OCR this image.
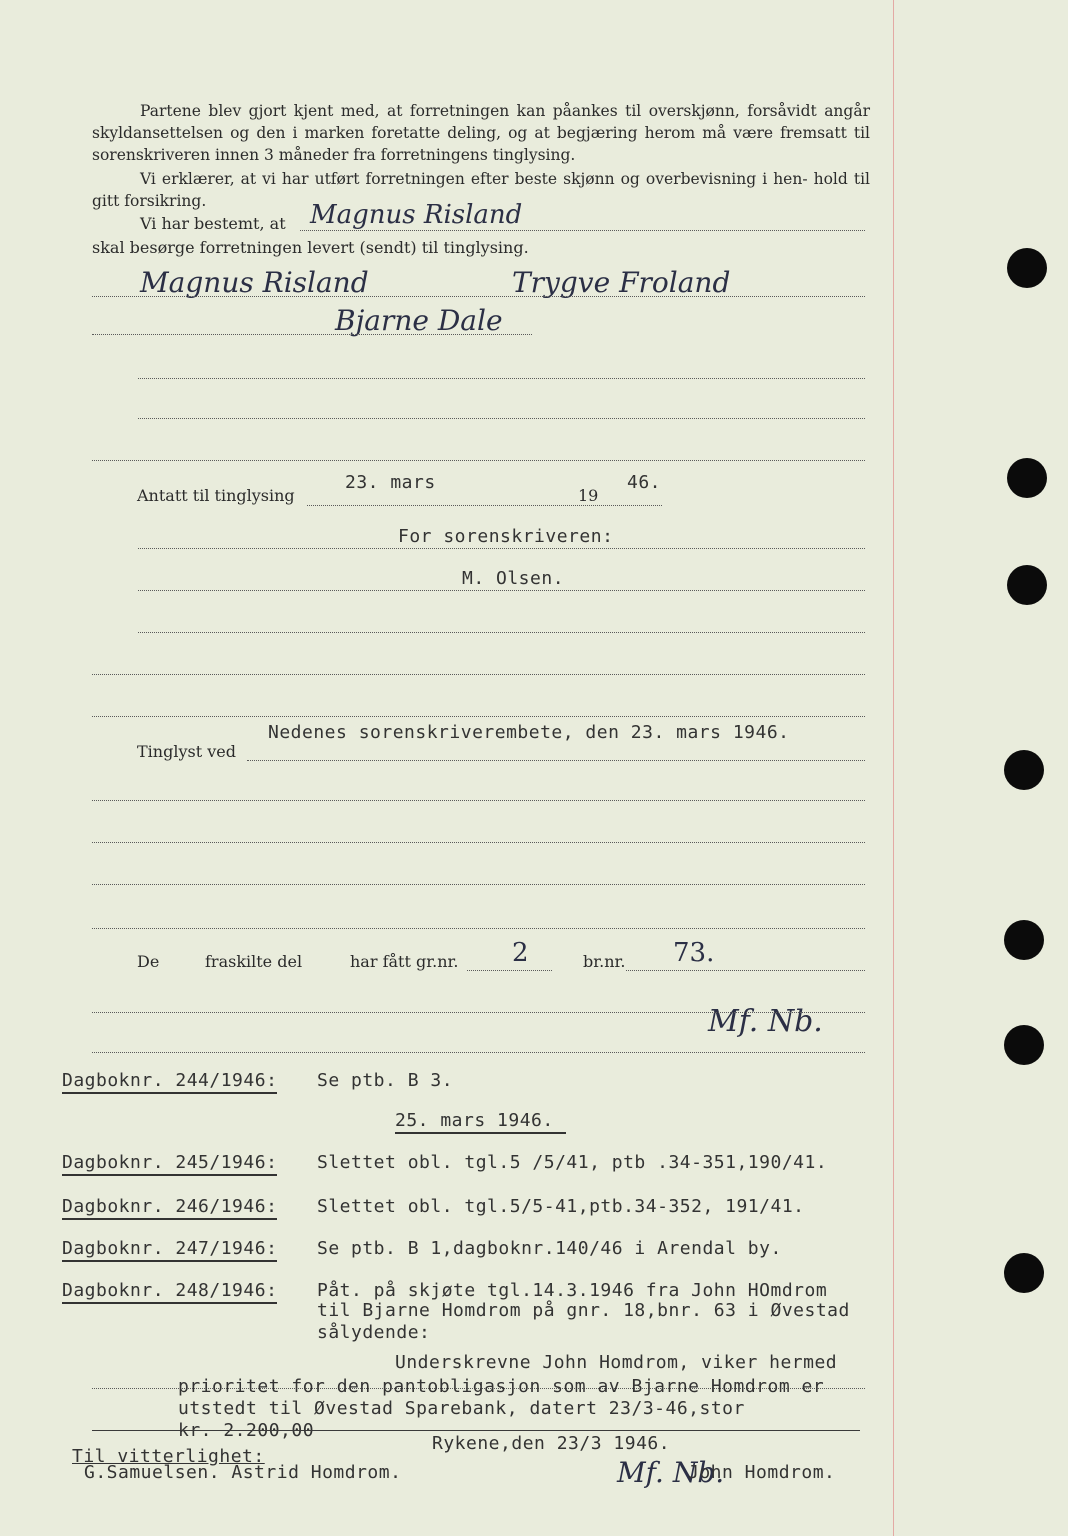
Partene blev gjort kjent med, at forretningen kan påankes til overskjønn, forsåvidt angår skyldansettelsen og den i marken foretatte deling, og at begjæring herom må være fremsatt til sorenskriveren innen 3 måneder fra forretningens tinglysing.
Vi erklærer, at vi har utført forretningen efter beste skjønn og overbevisning i hen- hold til gitt forsikring.
Vi har bestemt, at Magnus Risland
skal besørge forretningen levert (sendt) til tinglysing.
Magnus Risland	Trygve Froland
Bjarne Dale
Antatt til tinglysing
23. mars
19
46.
For sorenskriveren:
M. Olsen.
Nedenes sorenskriverembete, den 23. mars 1946.
Tinglyst ved
De	fraskilte del	har fått gr.nr. 2	br.nr. 73.
Mf. Nb.
Dagboknr. 244/1946: Se ptb. B 3.
25. mars 1946.
Dagboknr. 245/1946: Slettet obl. tgl.5 /5/41, ptb .34-351,190/41.
Dagboknr. 246/1946: Slettet obl. tgl.5/5-41,ptb.34-352, 191/41.
Dagboknr. 247/1946: Se ptb. B 1,dagboknr.140/46 i Arendal by.
Dagboknr. 248/1946: Påt. på skjøte tgl.14.3.1946 fra John HOmdrom
til Bjarne Homdrom på gnr. 18,bnr. 63 i Øvestad
sålydende:
Underskrevne John Homdrom, viker hermed
prioritet for den pantobligasjon som av Bjarne Homdrom er
utstedt til Øvestad Sparebank, datert 23/3-46,stor
kr. 2.200,00
Rykene,den 23/3 1946.
Til vitterlighet:
G.Samuelsen. Astrid Homdrom.	Mf. Nb.
John Homdrom.
